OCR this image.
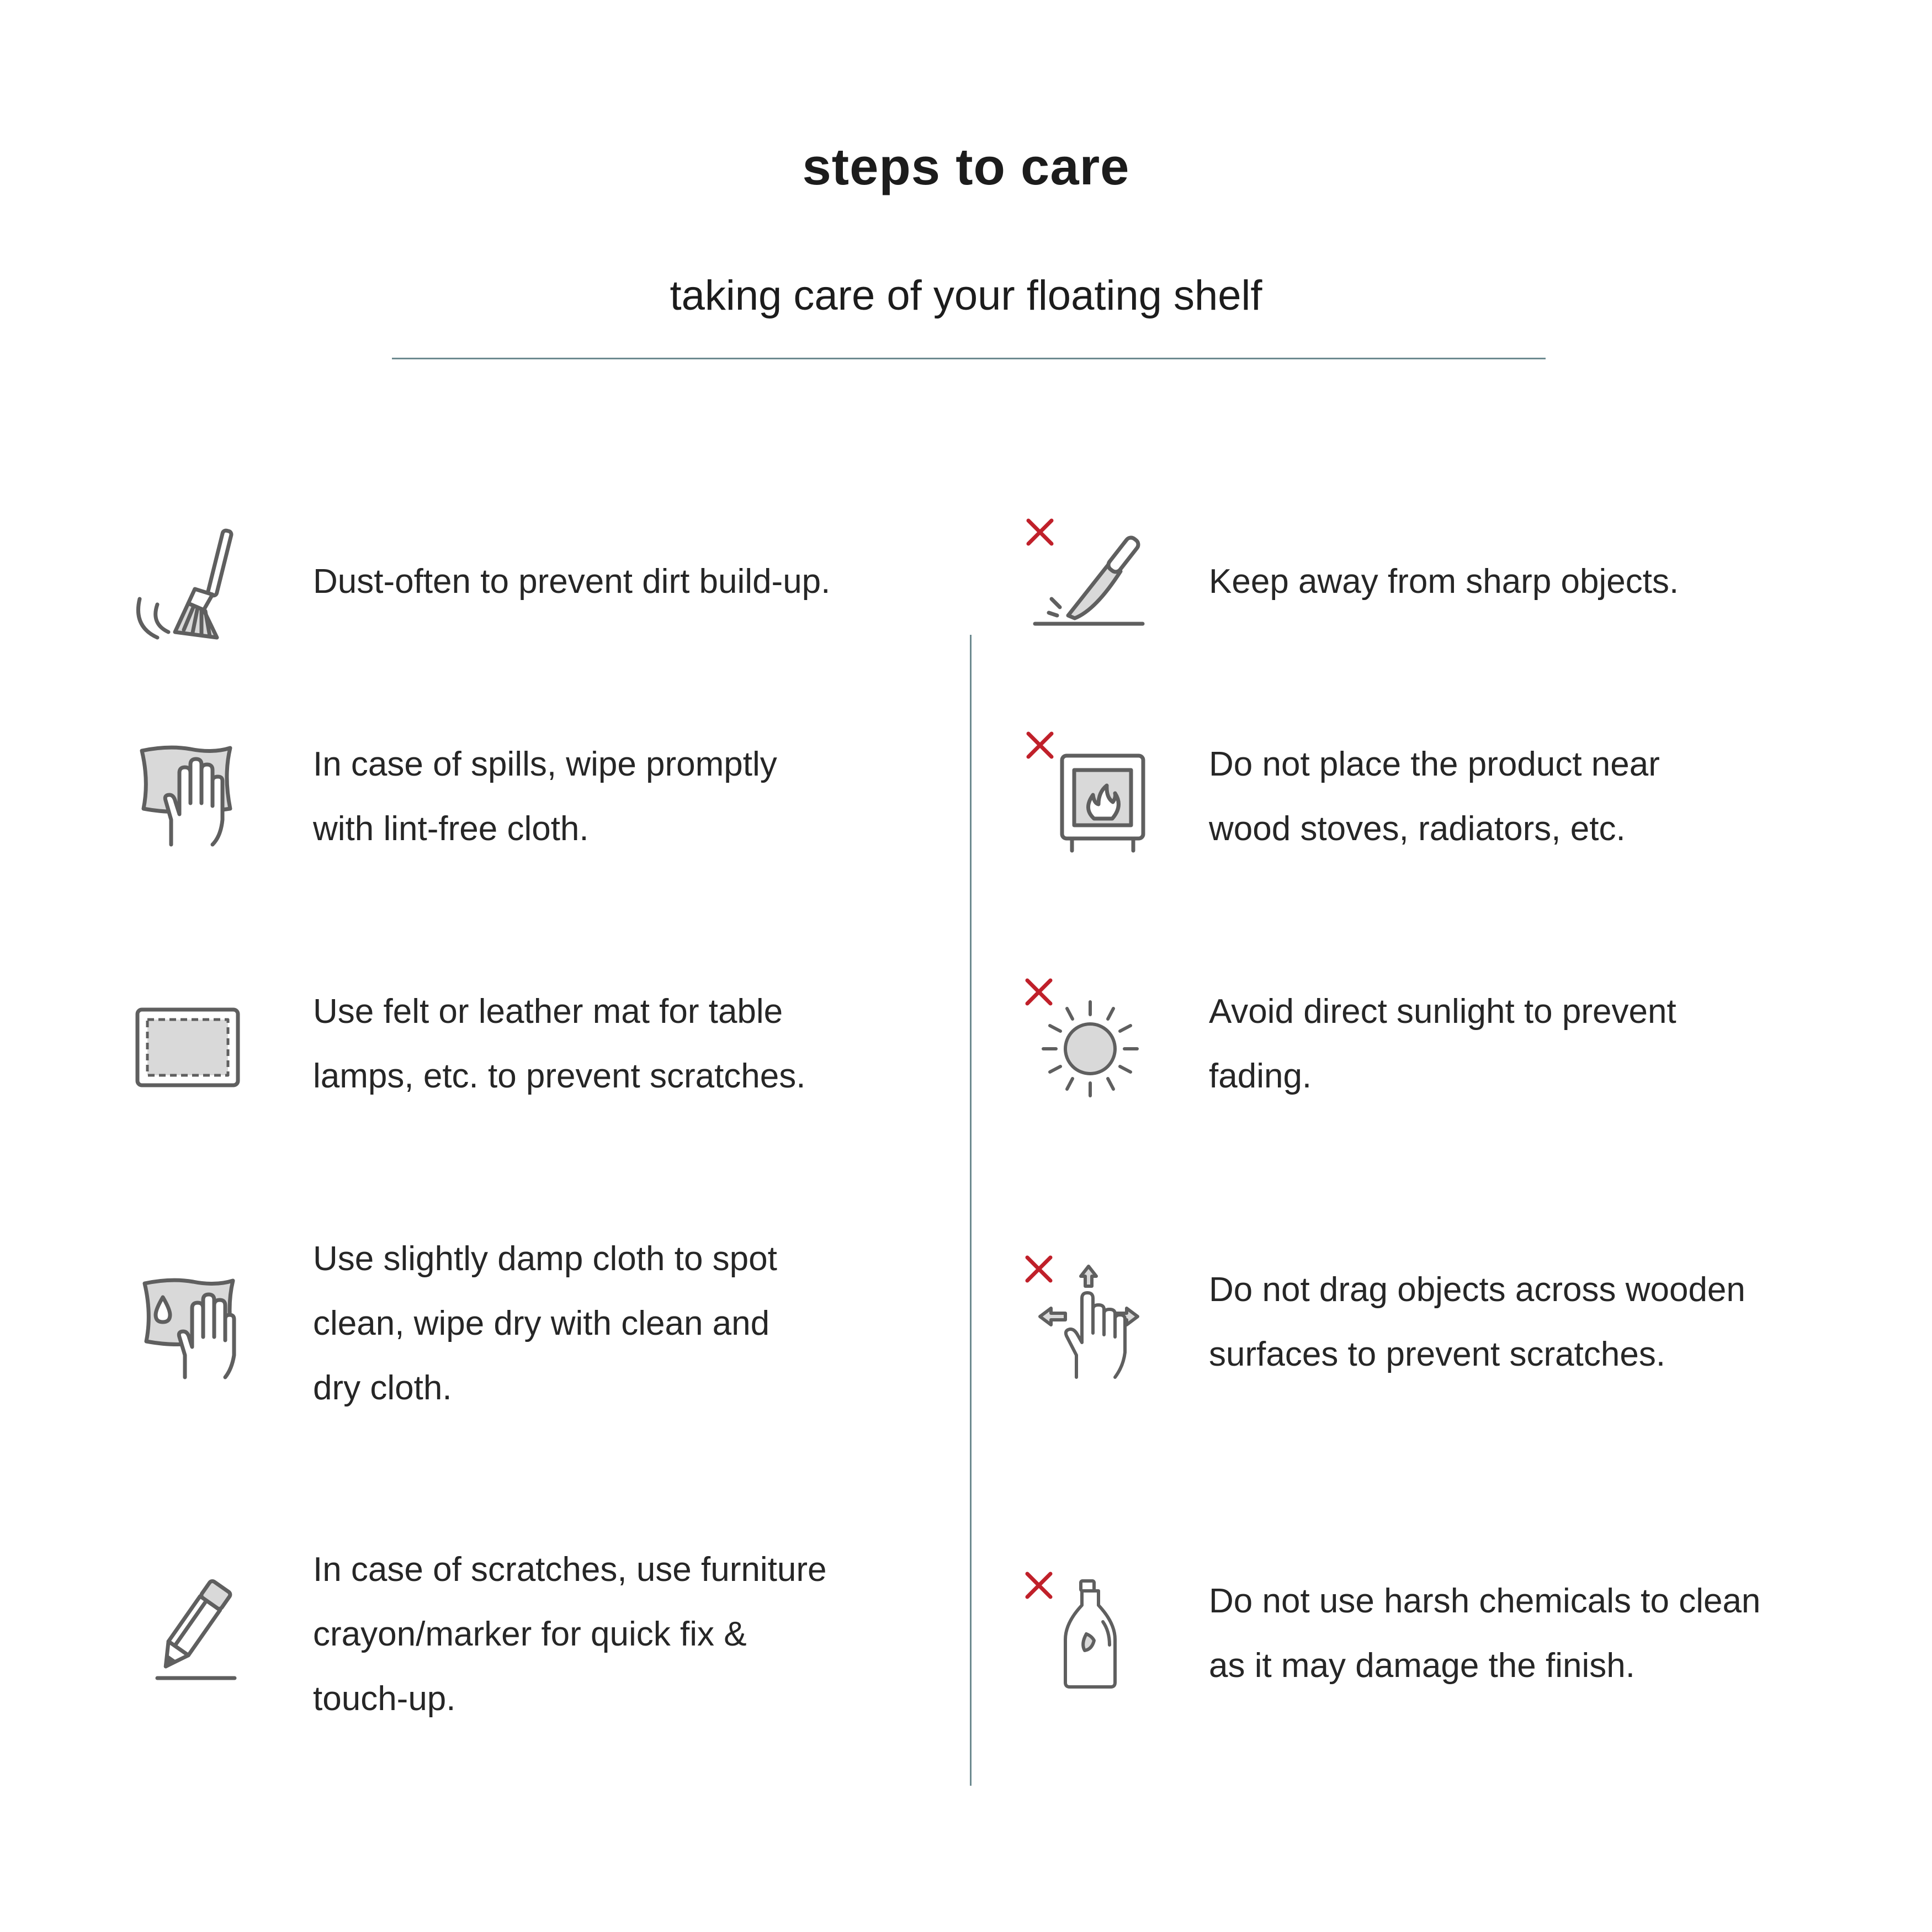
steps to care
taking care of your floating shelf
Dust-often to prevent dirt build-up.
In case of spills, wipe promptly
with lint-free cloth.
Use felt or leather mat for table
lamps, etc. to prevent scratches.
Use slightly damp cloth to spot
clean, wipe dry with clean and
dry cloth.
In case of scratches, use furniture
crayon/marker for quick fix &
touch-up.
Keep away from sharp objects.
Do not place the product near
wood stoves, radiators, etc.
Avoid direct sunlight to prevent
fading.
Do not drag objects across wooden
surfaces to prevent scratches.
Do not use harsh chemicals to clean
as it may damage the finish.
